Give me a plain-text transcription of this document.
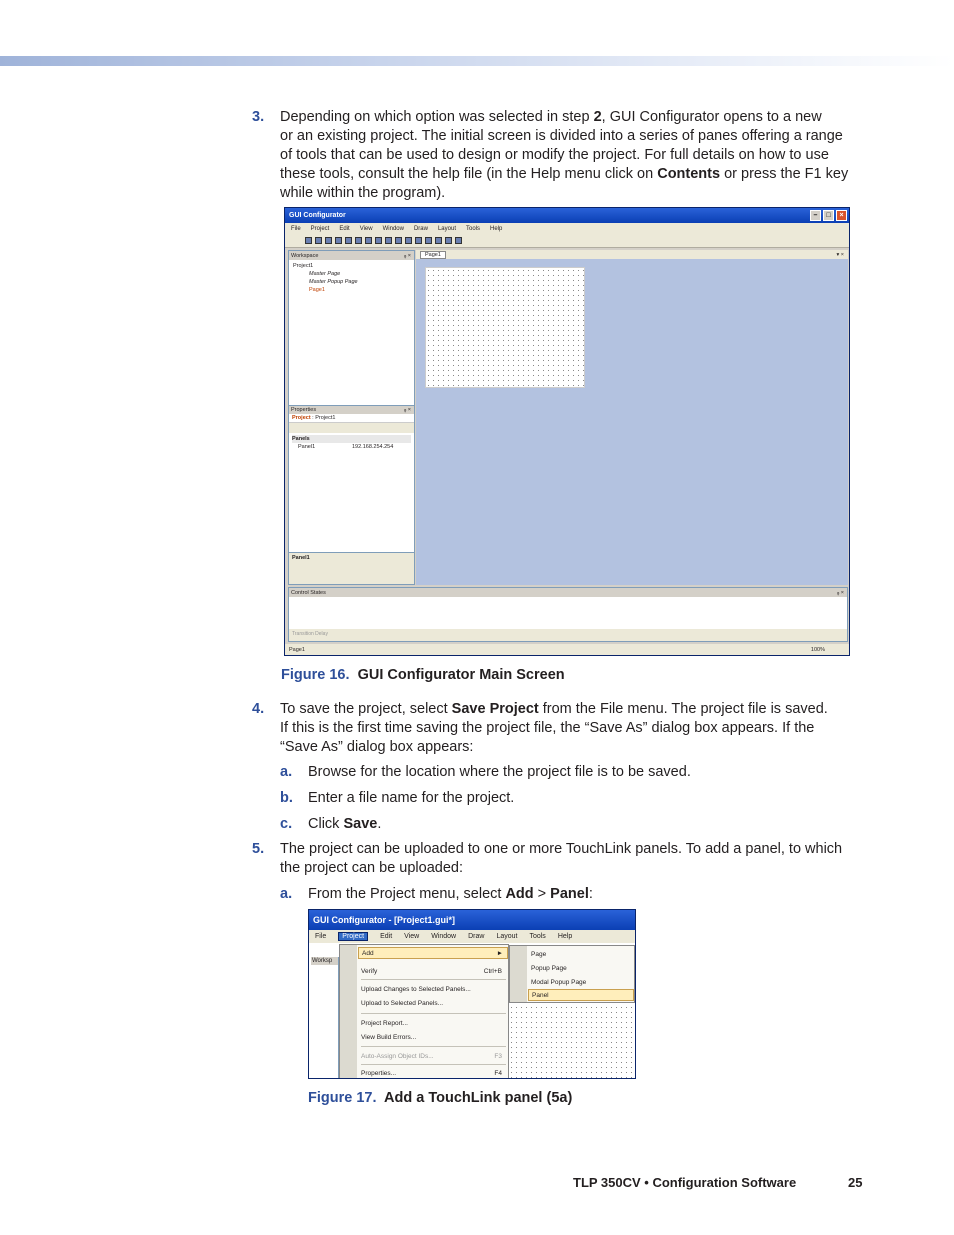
3. Depending on which option was selected in step 2, GUI Configurator opens to a new
or an existing project. The initial screen is divided into a series of panes offering a range
of tools that can be used to design or modify the project. For full details on how to use
these tools, consult the help file (in the Help menu click on Contents or press the F1 key
while within the program).
GUI Configurator	–	□	×
File Project Edit View Window Draw Layout Tools Help
Workspace	ᵩ ×
Project1
Master Page
Master Popup Page
Page1
Properties	ᵩ ×
Project : Project1
Panels
Panel1	192.168.254.254
Panel1
Page1	▾ ×
Control States	ᵩ ×
Transition Delay
Page1	100%
Figure 16. GUI Configurator Main Screen
4. To save the project, select Save Project from the File menu. The project file is saved.
If this is the first time saving the project file, the “Save As” dialog box appears. If the
“Save As” dialog box appears:
a. Browse for the location where the project file is to be saved.
b. Enter a file name for the project.
c. Click Save.
5. The project can be uploaded to one or more TouchLink panels. To add a panel, to which
the project can be uploaded:
a. From the Project menu, select Add > Panel:
GUI Configurator - [Project1.gui*]
File	Project	Edit View Window Draw Layout Tools Help
Worksp
Add	►
Verify	Ctrl+B
Upload Changes to Selected Panels...
Upload to Selected Panels...
Project Report...
View Build Errors...
Auto-Assign Object IDs...	F3
Properties...	F4
Page
Popup Page
Modal Popup Page
Panel
Figure 17. Add a TouchLink panel (5a)
TLP 350CV • Configuration Software	25
